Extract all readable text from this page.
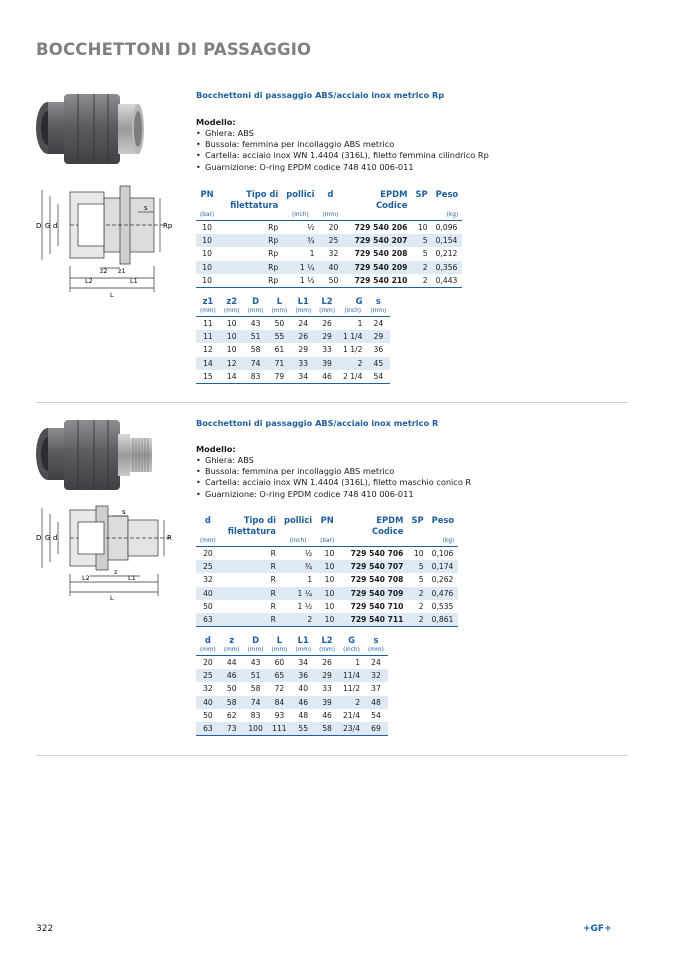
BOCCHETTONI DI PASSAGGIO
D G d
s
Rp
z2 z1
L2	L1
L
Bocchettoni di passaggio ABS/acciaio inox metrico Rp
Modello:
• Ghiera: ABS
• Bussola: femmina per incollaggio ABS metrico
• Cartella: acciaio inox WN 1.4404 (316L), filetto femmina cilindrico Rp
• Guarnizione: O-ring EPDM codice 748 410 006-011
PN	Tipo di	pollici	d	EPDM	SP	Peso
	filettatura			Codice		
(bar)		(inch)	(mm)			(kg)
10	Rp	½	20	729 540 206	10	0,096
10	Rp	¾	25	729 540 207	5	0,154
10	Rp	1	32	729 540 208	5	0,212
10	Rp	1 ¼	40	729 540 209	2	0,356
10	Rp	1 ½	50	729 540 210	2	0,443
z1	z2	D	L	L1	L2	G	s
(mm)	(mm)	(mm)	(mm)	(mm)	(mm)	(inch)	(mm)
11	10	43	50	24	26	1	24
11	10	51	55	26	29	1 1/4	29
12	10	58	61	29	33	1 1/2	36
14	12	74	71	33	39	2	45
15	14	83	79	34	46	2 1/4	54
D G d
s
R
z
L2	L1
L
Bocchettoni di passaggio ABS/acciaio inox metrico R
Modello:
• Ghiera: ABS
• Bussola: femmina per incollaggio ABS metrico
• Cartella: acciaio inox WN 1.4404 (316L), filetto maschio conico R
• Guarnizione: O-ring EPDM codice 748 410 006-011
d	Tipo di	pollici	PN	EPDM	SP	Peso
	filettatura			Codice		
(mm)		(inch)	(bar)			(kg)
20	R	½	10	729 540 706	10	0,106
25	R	¾	10	729 540 707	5	0,174
32	R	1	10	729 540 708	5	0,262
40	R	1 ¼	10	729 540 709	2	0,476
50	R	1 ½	10	729 540 710	2	0,535
63	R	2	10	729 540 711	2	0,861
d	z	D	L	L1	L2	G	s
(mm)	(mm)	(mm)	(mm)	(mm)	(mm)	(inch)	(mm)
20	44	43	60	34	26	1	24
25	46	51	65	36	29	11/4	32
32	50	58	72	40	33	11/2	37
40	58	74	84	46	39	2	48
50	62	83	93	48	46	21/4	54
63	73	100	111	55	58	23/4	69
322	+GF+
